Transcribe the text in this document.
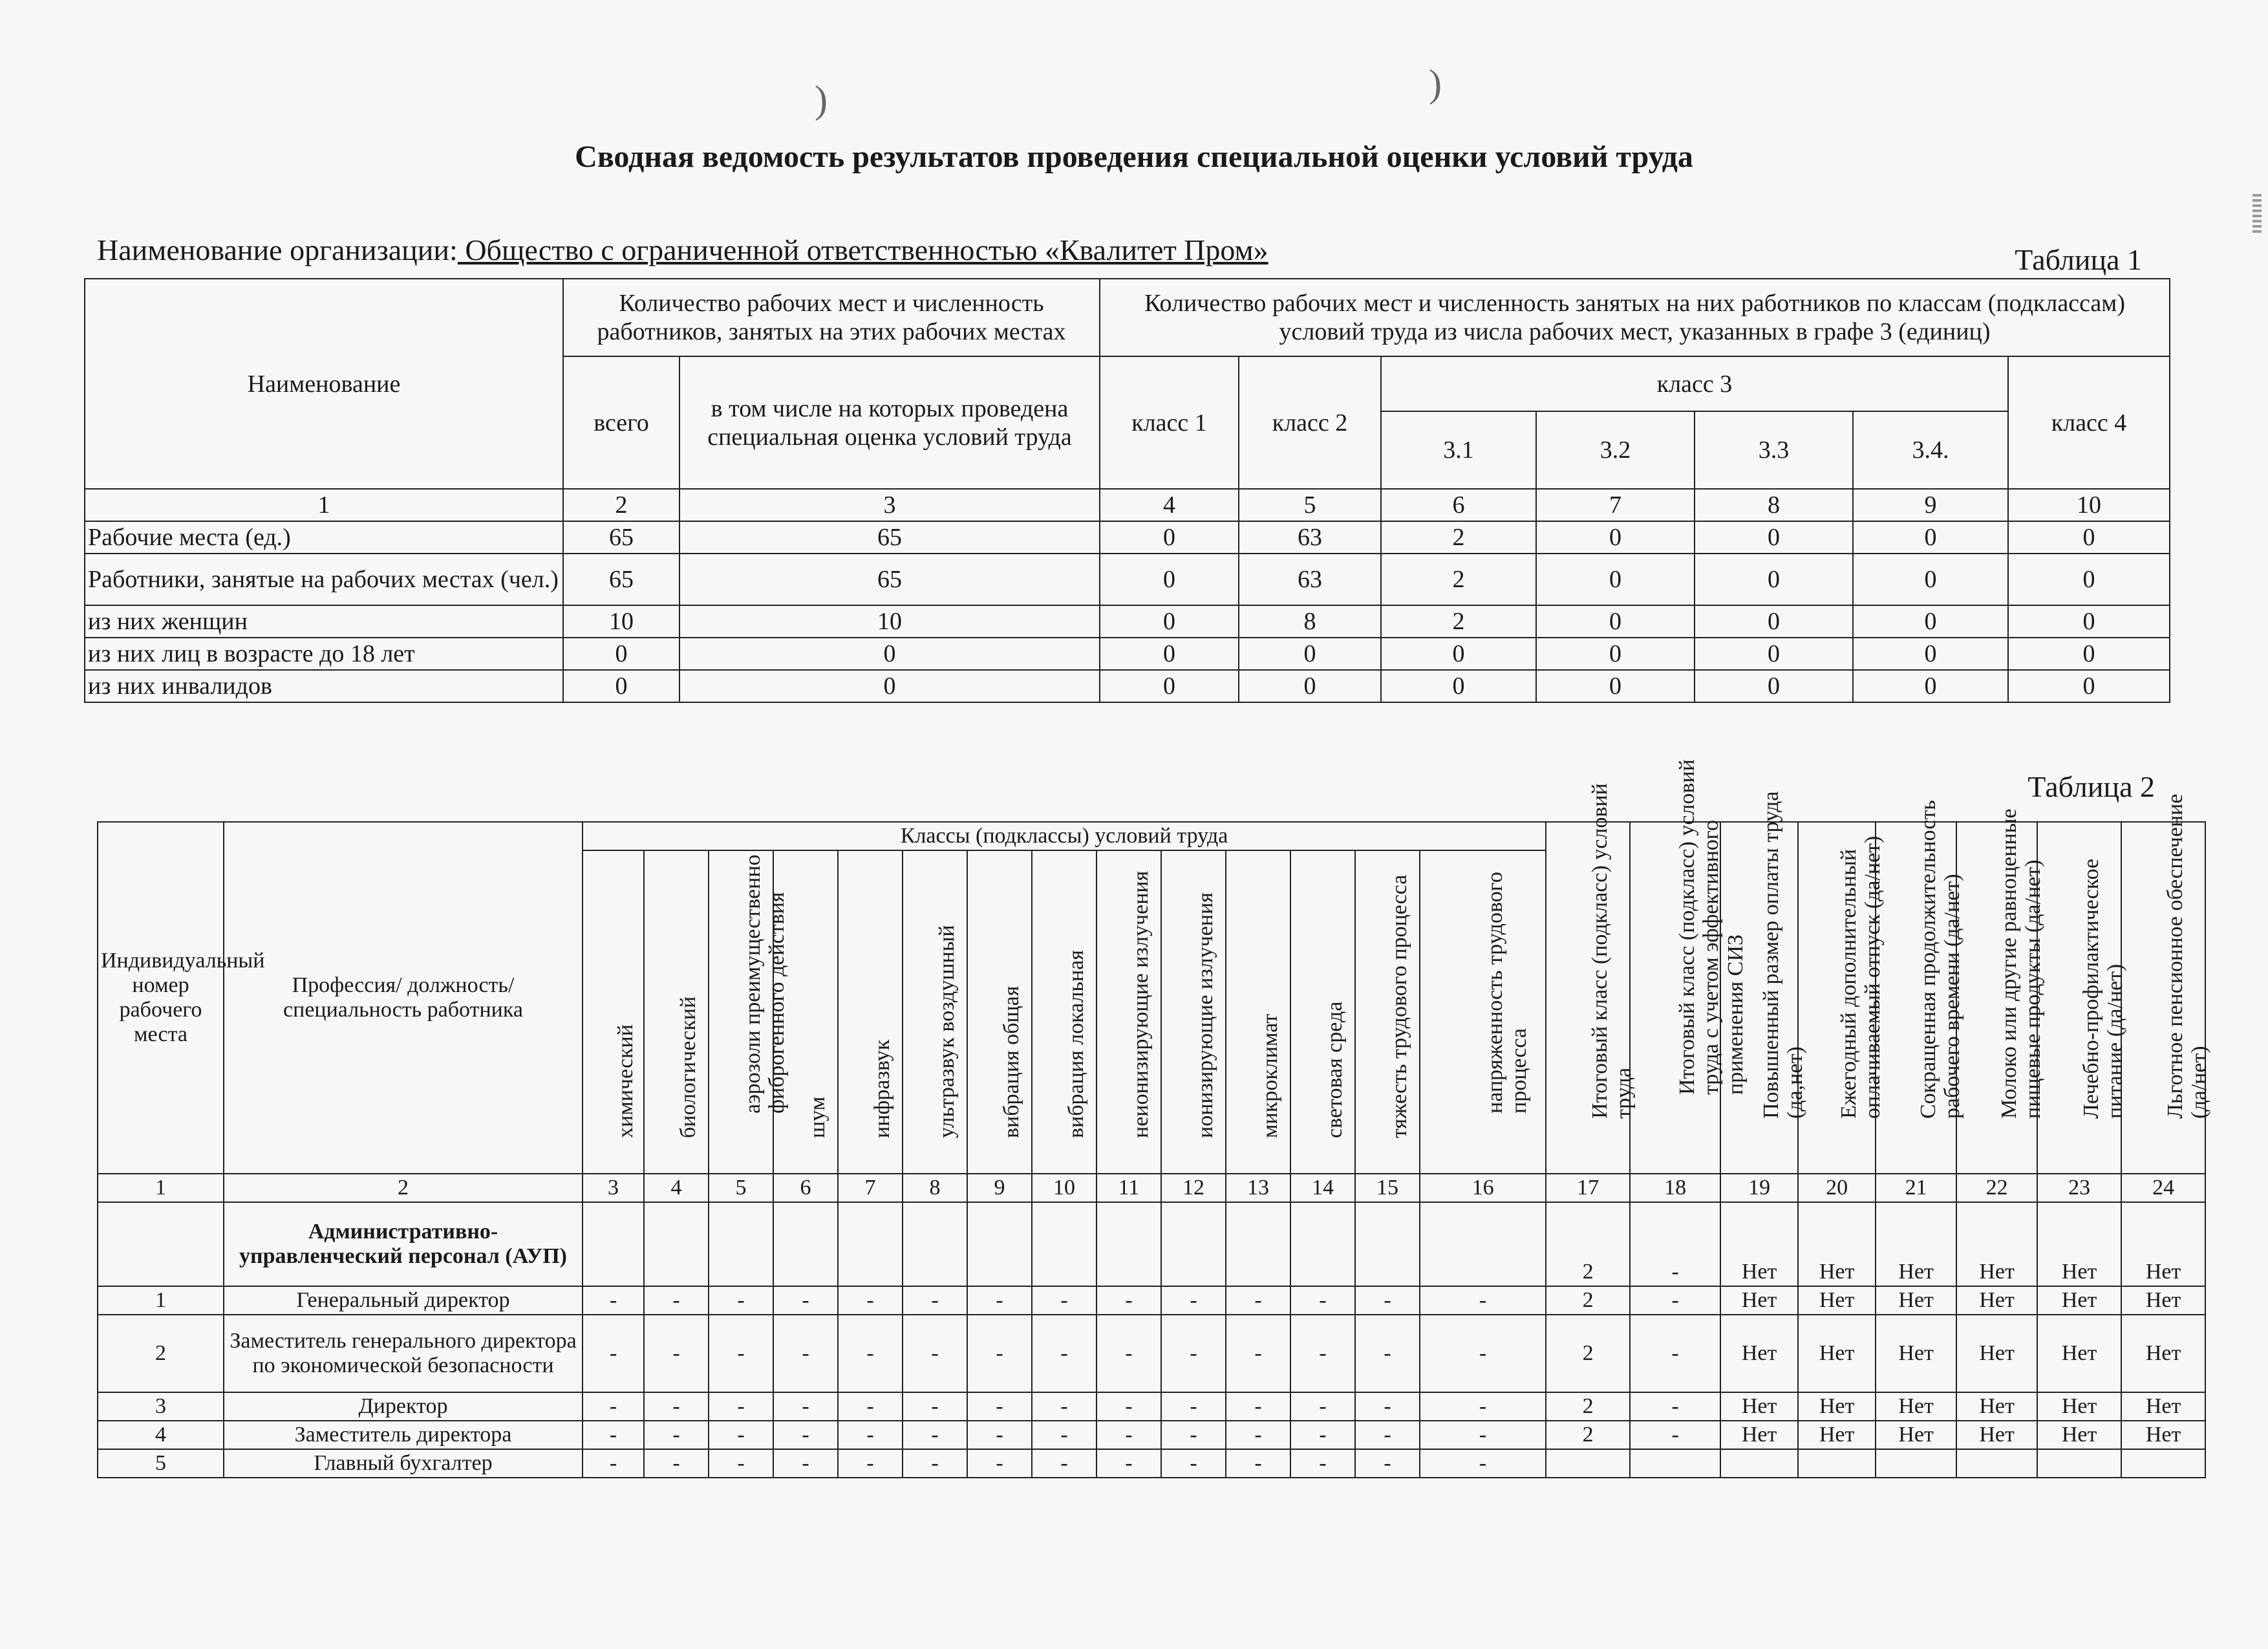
)	)
Сводная ведомость результатов проведения специальной оценки условий труда
Наименование организации: Общество с ограниченной ответственностью «Квалитет Пром»	Таблица 1
Наименование	Количество рабочих мест и численность работников, занятых на этих рабочих местах		Количество рабочих мест и численность занятых на них работников по классам (подклассам) условий труда из числа рабочих мест, указанных в графе 3 (единиц)						
	всего	в том числе на которых проведена специальная оценка условий труда	класс 1	класс 2	класс 3				класс 4
					3.1	3.2	3.3	3.4.	
1	2	3	4	5	6	7	8	9	10
Рабочие места (ед.)	65	65	0	63	2	0	0	0	0
Работники, занятые на рабочих местах (чел.)	65	65	0	63	2	0	0	0	0
из них женщин	10	10	0	8	2	0	0	0	0
из них лиц в возрасте до 18 лет	0	0	0	0	0	0	0	0	0
из них инвалидов	0	0	0	0	0	0	0	0	0
Таблица 2
Индивидуальный номер рабочего места	Профессия/ должность/ специальность работника	Классы (подклассы) условий труда														Итоговый класс (подкласс) условий труда	Итоговый класс (подкласс) условий труда с учетом эффективного применения СИЗ	Повышенный размер оплаты труда (да,нет)	Ежегодный дополнительный оплачиваемый отпуск (да/нет)	Сокращенная продолжительность рабочего времени (да/нет)	Молоко или другие равноценные пищевые продукты (да/нет)	Лечебно-профилактическое питание (да/нет)	Льготное пенсионное обеспечение (да/нет)

		химический	биологический	аэрозоли преимущественно фиброгенного действия	шум	инфразвук	ультразвук воздушный	вибрация общая	вибрация локальная	неионизирующие излучения	ионизирующие излучения	микроклимат	световая среда	тяжесть трудового процесса	напряженность трудового процесса								

1	2	3	4	5	6	7	8	9	10	11	12	13	14	15	16	17	18	19	20	21	22	23	24
	Административно-управленческий персонал (АУП)															2	-	Нет	Нет	Нет	Нет	Нет	Нет
1	Генеральный директор	-	-	-	-	-	-	-	-	-	-	-	-	-	-	2	-	Нет	Нет	Нет	Нет	Нет	Нет
2	Заместитель генерального директора по экономической безопасности	-	-	-	-	-	-	-	-	-	-	-	-	-	-	2	-	Нет	Нет	Нет	Нет	Нет	Нет
3	Директор	-	-	-	-	-	-	-	-	-	-	-	-	-	-	2	-	Нет	Нет	Нет	Нет	Нет	Нет
4	Заместитель директора	-	-	-	-	-	-	-	-	-	-	-	-	-	-	2	-	Нет	Нет	Нет	Нет	Нет	Нет
5	Главный бухгалтер	-	-	-	-	-	-	-	-	-	-	-	-	-	-								
